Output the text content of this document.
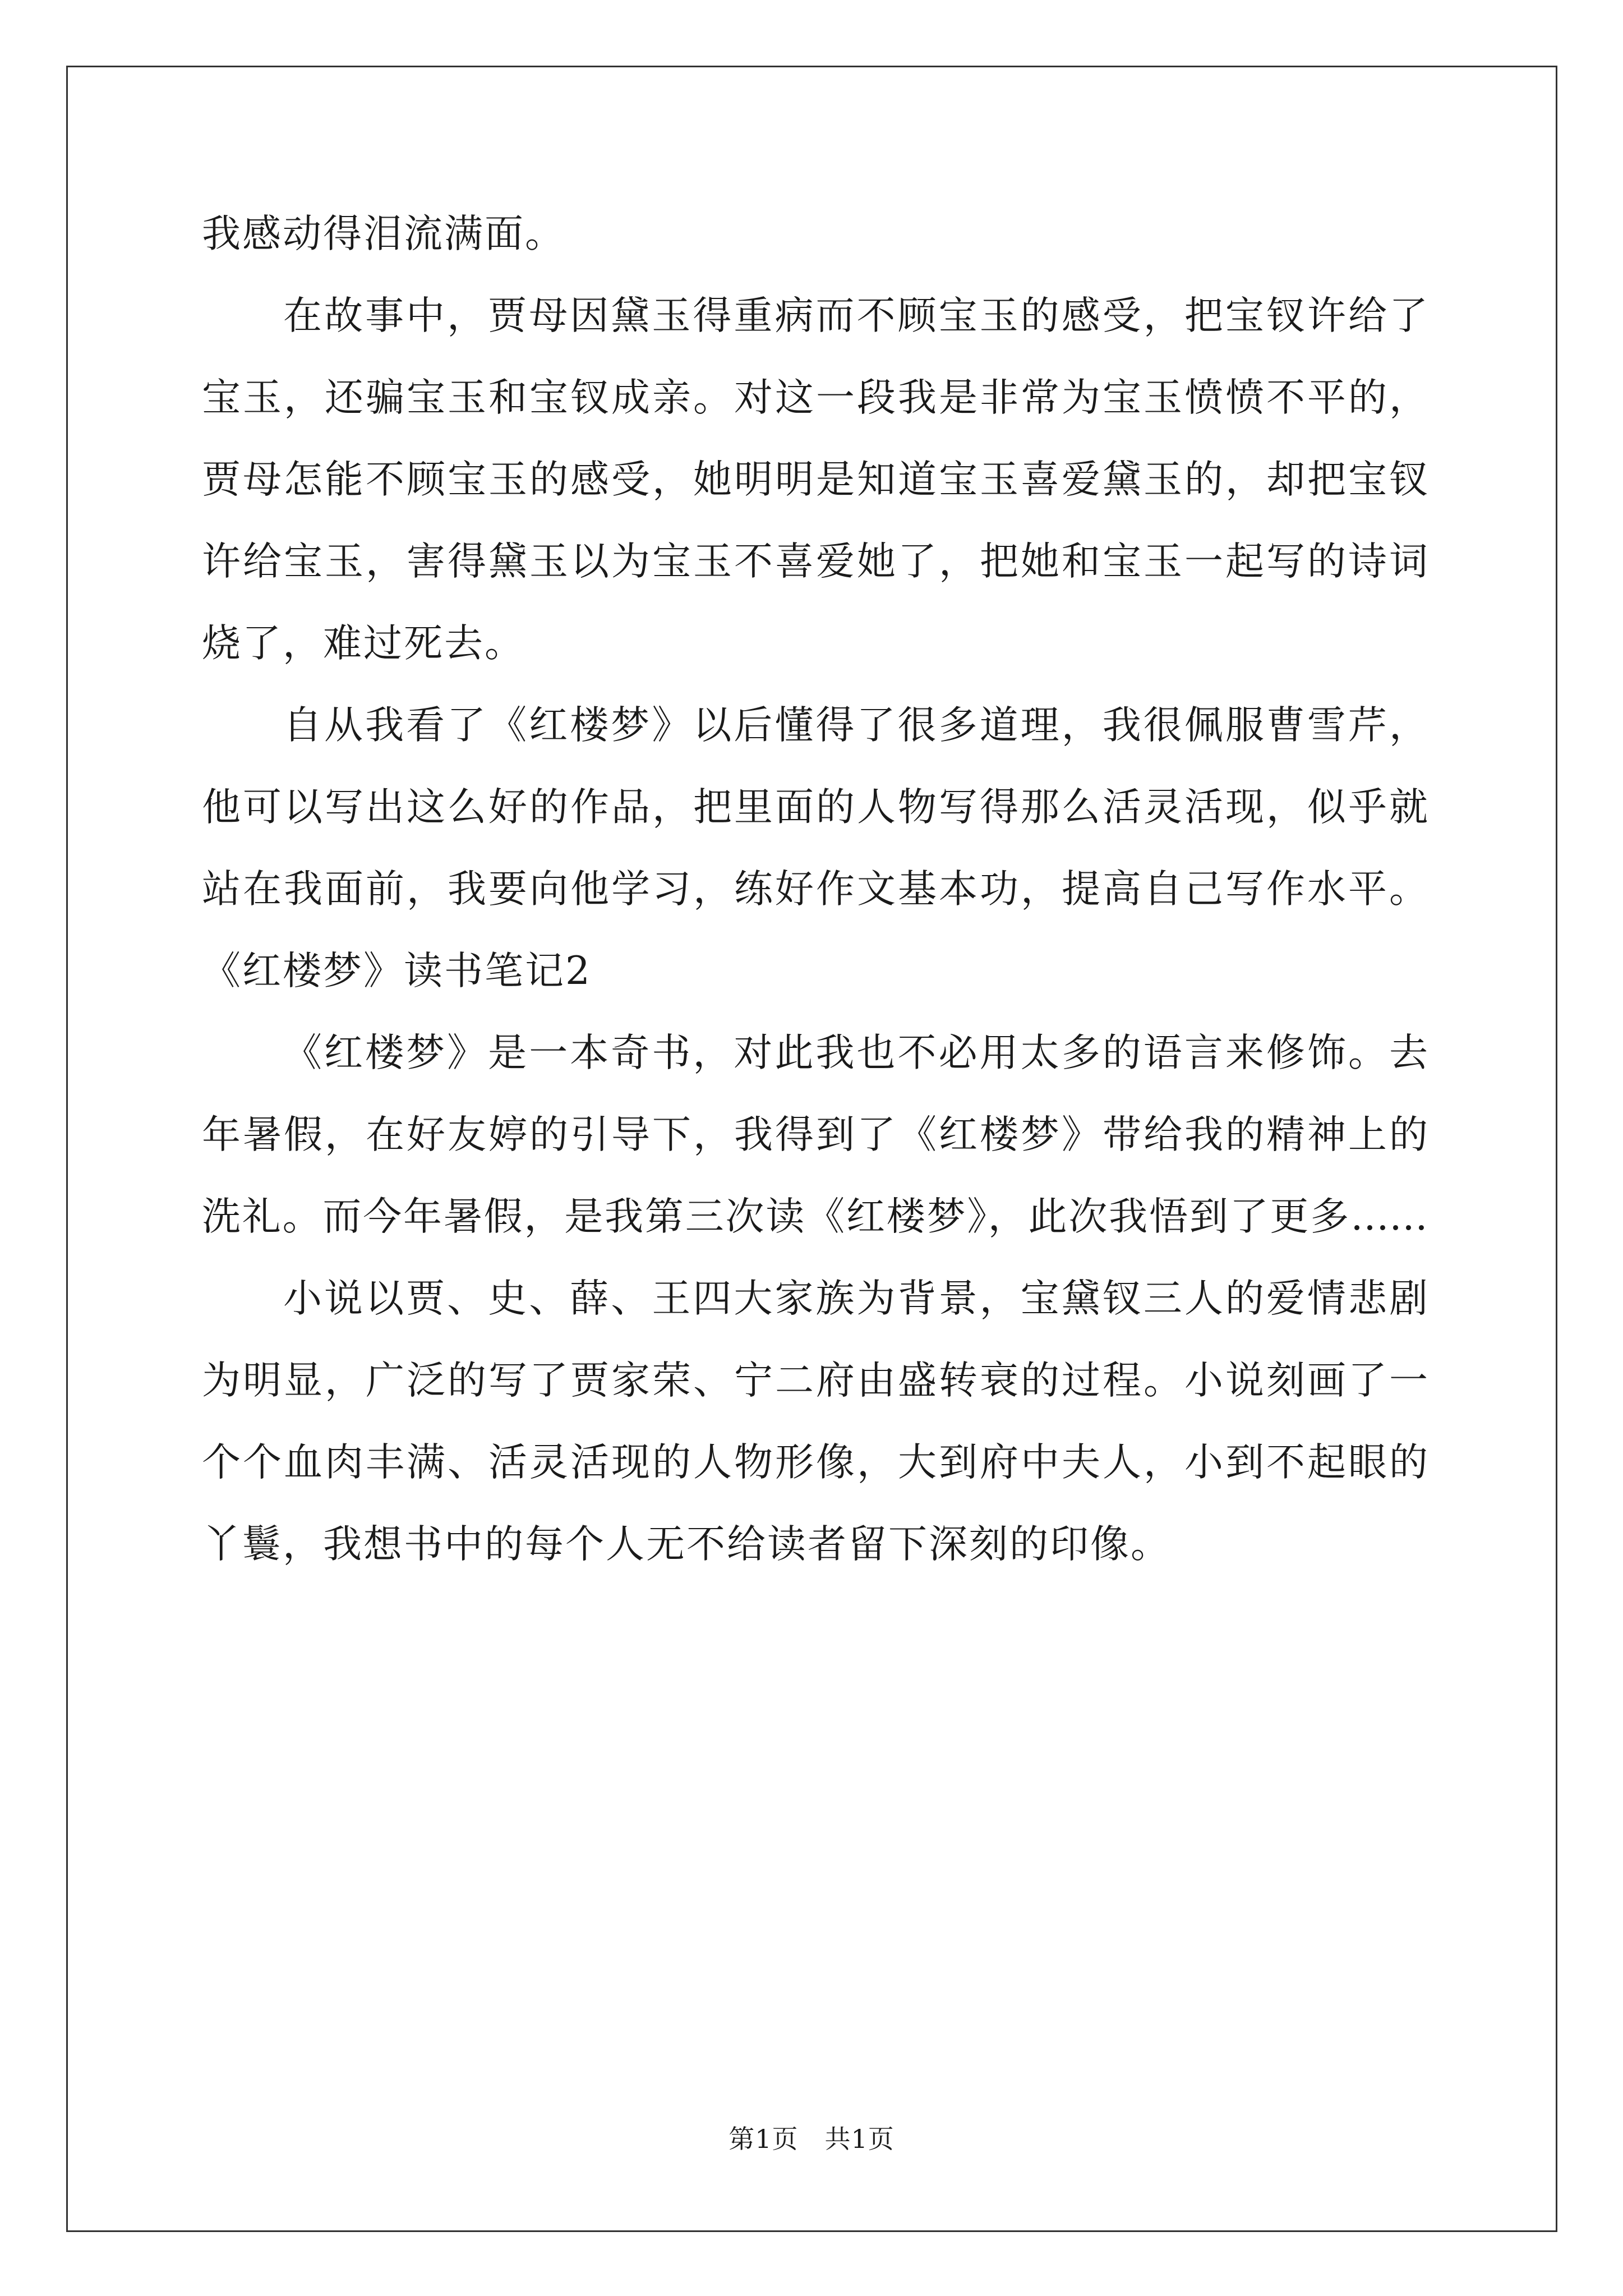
我感动得泪流满面。
在故事中，贾母因黛玉得重病而不顾宝玉的感受，把宝钗许给了
宝玉，还骗宝玉和宝钗成亲。对这一段我是非常为宝玉愤愤不平的，
贾母怎能不顾宝玉的感受，她明明是知道宝玉喜爱黛玉的，却把宝钗
许给宝玉，害得黛玉以为宝玉不喜爱她了，把她和宝玉一起写的诗词
烧了，难过死去。
自从我看了《红楼梦》以后懂得了很多道理，我很佩服曹雪芹，
他可以写出这么好的作品，把里面的人物写得那么活灵活现，似乎就
站在我面前，我要向他学习，练好作文基本功，提高自己写作水平。
《红楼梦》读书笔记2
《红楼梦》是一本奇书，对此我也不必用太多的语言来修饰。去
年暑假，在好友婷的引导下，我得到了《红楼梦》带给我的精神上的
洗礼。而今年暑假，是我第三次读《红楼梦》，此次我悟到了更多……
小说以贾、史、薛、王四大家族为背景，宝黛钗三人的爱情悲剧
为明显，广泛的写了贾家荣、宁二府由盛转衰的过程。小说刻画了一
个个血肉丰满、活灵活现的人物形像，大到府中夫人，小到不起眼的
丫鬟，我想书中的每个人无不给读者留下深刻的印像。
第1页　共1页
